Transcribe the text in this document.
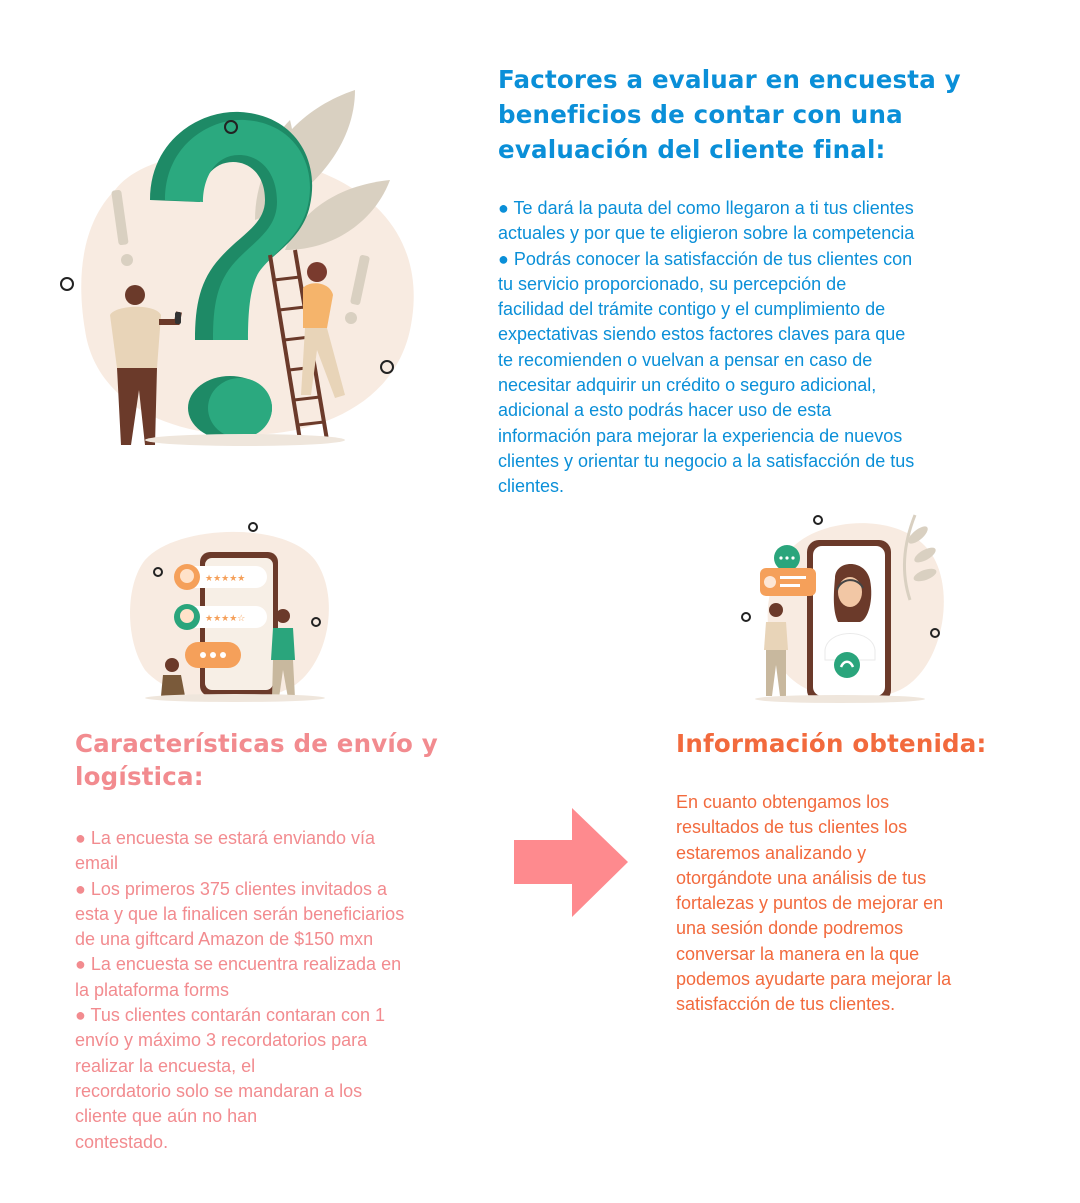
Factores a evaluar en encuesta y
beneficios de contar con una
evaluación del cliente final:

● Te dará la pauta del como llegaron a ti tus clientes

actuales y por que te eligieron sobre la competencia

● Podrás conocer la satisfacción de tus clientes con

tu servicio proporcionado, su percepción de

facilidad del trámite contigo y el cumplimiento de

expectativas siendo estos factores claves para que

te recomienden o vuelvan a pensar en caso de

necesitar adquirir un crédito o seguro adicional,

adicional a esto podrás hacer uso de esta

información para mejorar la experiencia de nuevos

clientes y orientar tu negocio a la satisfacción de tus

clientes.

★★★★★
★★★★☆
Características de envío y
logística:

● La encuesta se estará enviando vía

email

● Los primeros 375 clientes invitados a

esta y que la finalicen serán beneficiarios

de una giftcard Amazon de $150 mxn

● La encuesta se encuentra realizada en

la plataforma forms

● Tus clientes contarán contaran con 1

envío y máximo 3 recordatorios para

realizar la encuesta, el

recordatorio solo se mandaran a los

cliente que aún no han

contestado.

Información obtenida:

En cuanto obtengamos los

resultados de tus clientes los

estaremos analizando y

otorgándote una análisis de tus

fortalezas y puntos de mejorar en

una sesión donde podremos

conversar la manera en la que

podemos ayudarte para mejorar la

satisfacción de tus clientes.
